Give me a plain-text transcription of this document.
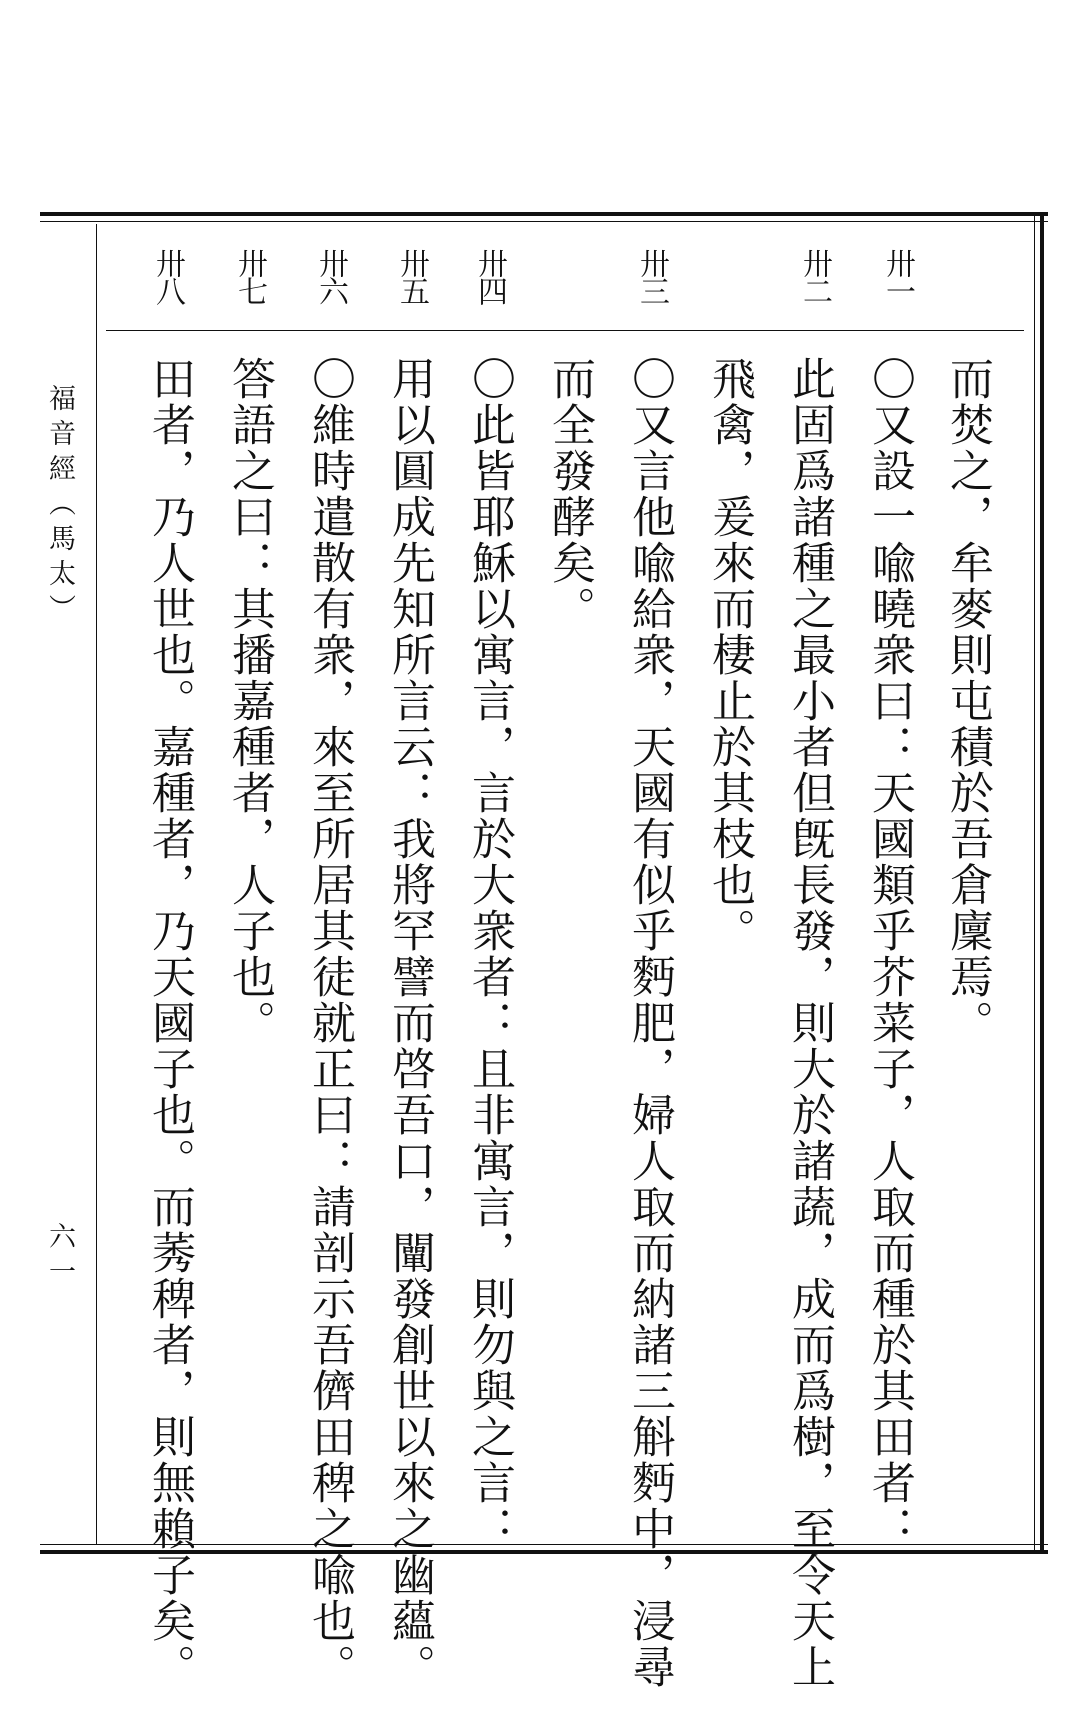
福音經（馬太）
六一
卅一
卅二
卅三
卅四
卅五
卅六
卅七
卅八
而焚之，牟麥則屯積於吾倉廩焉。
〇又設一喩曉衆曰：天國類乎芥菜子，人取而種於其田者：
此固爲諸種之最小者但旣長發，則大於諸蔬，成而爲樹，至令天上
飛禽，爰來而棲止於其枝也。
〇又言他喩給衆，天國有似乎麪肥，婦人取而納諸三斛麪中，浸尋
而全發酵矣。
〇此皆耶穌以寓言，言於大衆者：且非寓言，則勿與之言：
用以圓成先知所言云：我將罕譬而啓吾口，闡發創世以來之幽蘊。
〇維時遣散有衆，來至所居其徒就正曰：請剖示吾儕田稗之喩也。
答語之曰：其播嘉種者，人子也。
田者，乃人世也。嘉種者，乃天國子也。而莠稗者，則無賴子矣。
